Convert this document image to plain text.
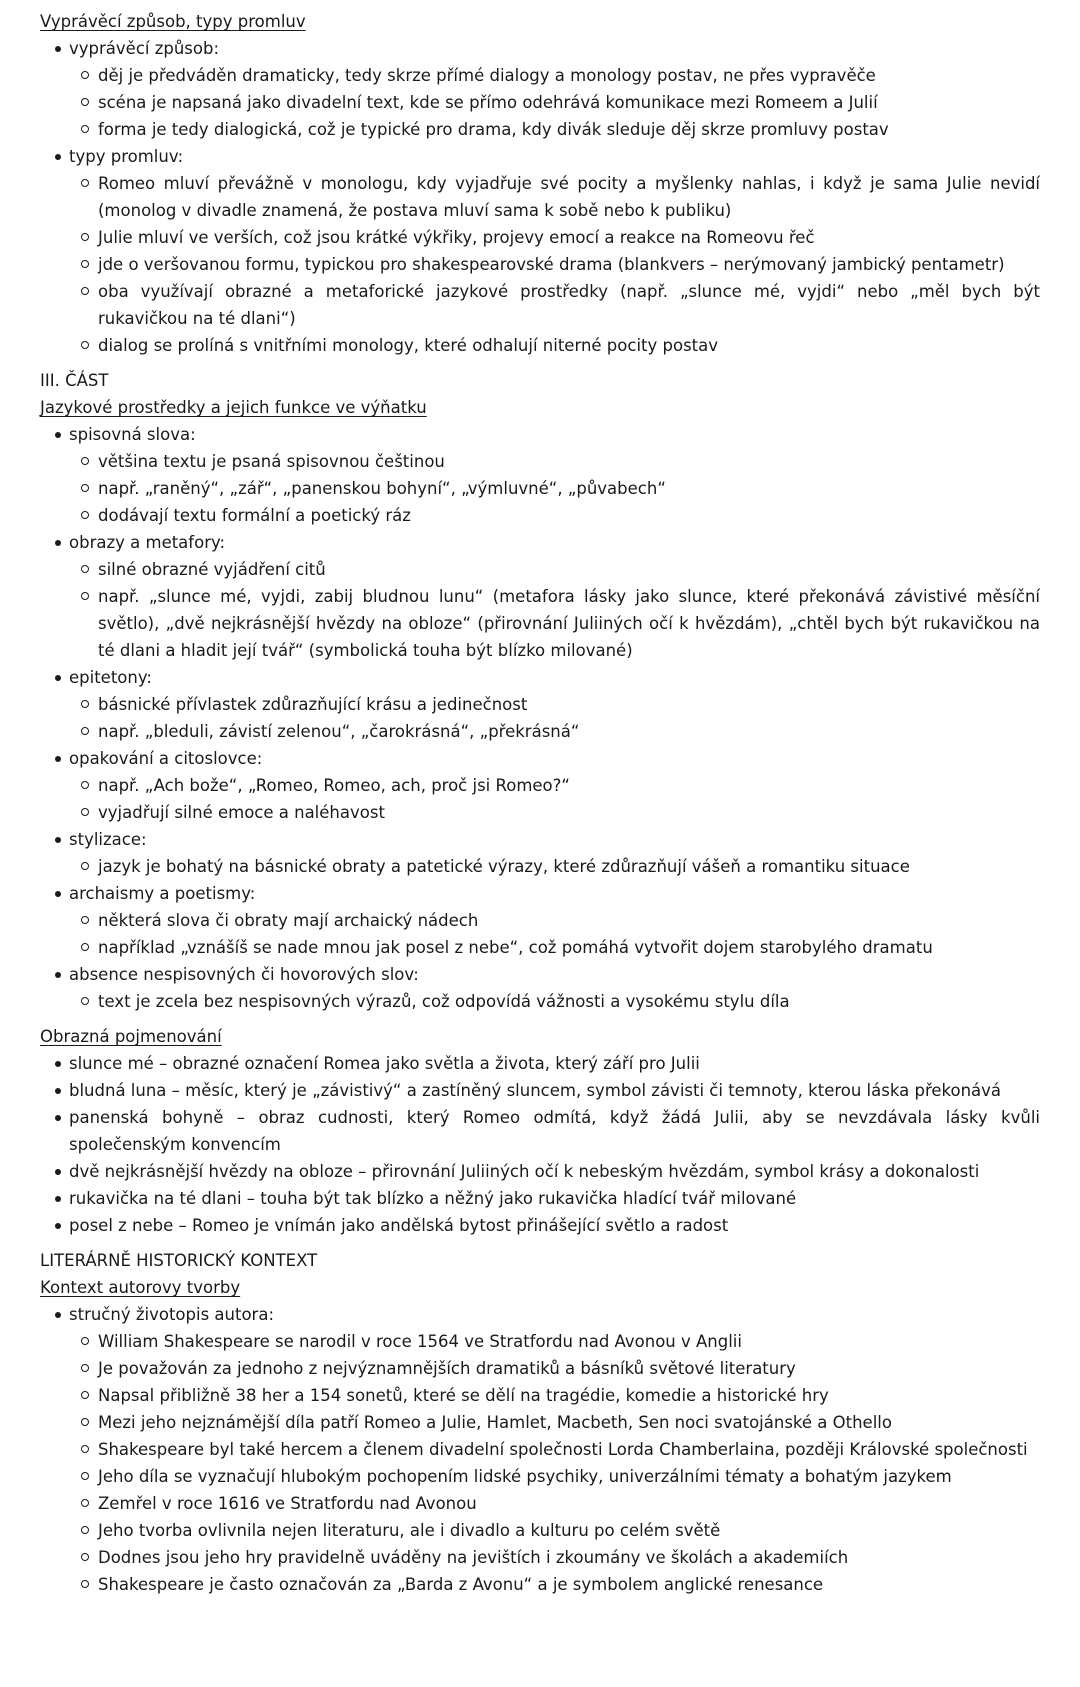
Vyprávěcí způsob, typy promluv

vyprávěcí způsob:
děj je předváděn dramaticky, tedy skrze přímé dialogy a monology postav, ne přes vypravěče
scéna je napsaná jako divadelní text, kde se přímo odehrává komunikace mezi Romeem a Julií
forma je tedy dialogická, což je typické pro drama, kdy divák sleduje děj skrze promluvy postav
typy promluv:
Romeo mluví převážně v monologu, kdy vyjadřuje své pocity a myšlenky nahlas, i když je sama Julie nevidí (monolog v divadle znamená, že postava mluví sama k sobě nebo k publiku)
Julie mluví ve verších, což jsou krátké výkřiky, projevy emocí a reakce na Romeovu řeč
jde o veršovanou formu, typickou pro shakespearovské drama (blankvers – nerýmovaný jambický pentametr)
oba využívají obrazné a metaforické jazykové prostředky (např. „slunce mé, vyjdi“ nebo „měl bych být rukavičkou na té dlani“)
dialog se prolíná s vnitřními monology, které odhalují niterné pocity postav

III. ČÁST

Jazykové prostředky a jejich funkce ve výňatku

spisovná slova:
většina textu je psaná spisovnou češtinou
např. „raněný“, „zář“, „panenskou bohyní“, „výmluvné“, „půvabech“
dodávají textu formální a poetický ráz
obrazy a metafory:
silné obrazné vyjádření citů
např. „slunce mé, vyjdi, zabij bludnou lunu“ (metafora lásky jako slunce, které překonává závistivé měsíční světlo), „dvě nejkrásnější hvězdy na obloze“ (přirovnání Juliiných očí k hvězdám), „chtěl bych být rukavičkou na té dlani a hladit její tvář“ (symbolická touha být blízko milované)
epitetony:
básnické přívlastek zdůrazňující krásu a jedinečnost
např. „bleduli, závistí zelenou“, „čarokrásná“, „překrásná“
opakování a citoslovce:
např. „Ach bože“, „Romeo, Romeo, ach, proč jsi Romeo?“
vyjadřují silné emoce a naléhavost
stylizace:
jazyk je bohatý na básnické obraty a patetické výrazy, které zdůrazňují vášeň a romantiku situace
archaismy a poetismy:
některá slova či obraty mají archaický nádech
například „vznášíš se nade mnou jak posel z nebe“, což pomáhá vytvořit dojem starobylého dramatu
absence nespisovných či hovorových slov:
text je zcela bez nespisovných výrazů, což odpovídá vážnosti a vysokému stylu díla

Obrazná pojmenování

slunce mé – obrazné označení Romea jako světla a života, který září pro Julii
bludná luna – měsíc, který je „závistivý“ a zastíněný sluncem, symbol závisti či temnoty, kterou láska překonává
panenská bohyně – obraz cudnosti, který Romeo odmítá, když žádá Julii, aby se nevzdávala lásky kvůli společenským konvencím
dvě nejkrásnější hvězdy na obloze – přirovnání Juliiných očí k nebeským hvězdám, symbol krásy a dokonalosti
rukavička na té dlani – touha být tak blízko a něžný jako rukavička hladící tvář milované
posel z nebe – Romeo je vnímán jako andělská bytost přinášející světlo a radost

LITERÁRNĚ HISTORICKÝ KONTEXT

Kontext autorovy tvorby

stručný životopis autora:
William Shakespeare se narodil v roce 1564 ve Stratfordu nad Avonou v Anglii
Je považován za jednoho z nejvýznamnějších dramatiků a básníků světové literatury
Napsal přibližně 38 her a 154 sonetů, které se dělí na tragédie, komedie a historické hry
Mezi jeho nejznámější díla patří Romeo a Julie, Hamlet, Macbeth, Sen noci svatojánské a Othello
Shakespeare byl také hercem a členem divadelní společnosti Lorda Chamberlaina, později Královské společnosti
Jeho díla se vyznačují hlubokým pochopením lidské psychiky, univerzálními tématy a bohatým jazykem
Zemřel v roce 1616 ve Stratfordu nad Avonou
Jeho tvorba ovlivnila nejen literaturu, ale i divadlo a kulturu po celém světě
Dodnes jsou jeho hry pravidelně uváděny na jevištích i zkoumány ve školách a akademiích
Shakespeare je často označován za „Barda z Avonu“ a je symbolem anglické renesance
